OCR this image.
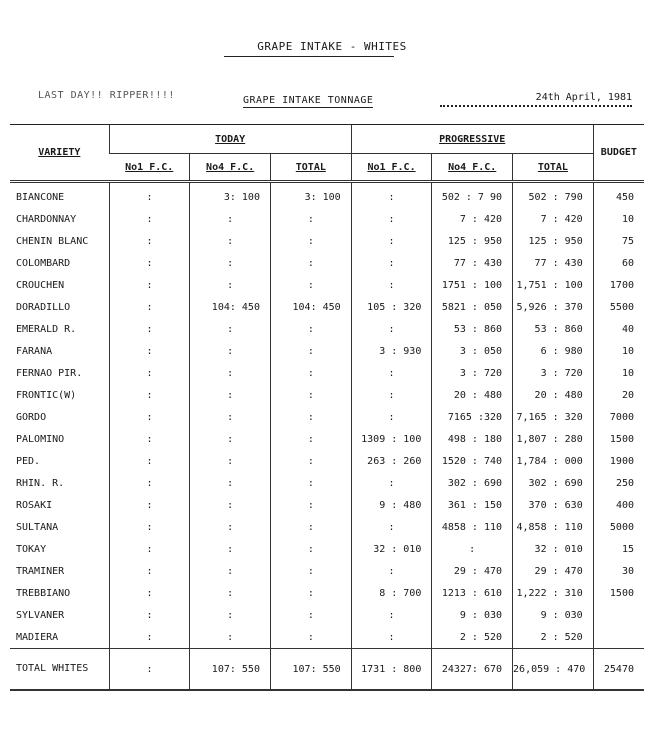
GRAPE INTAKE - WHITES
LAST DAY!! RIPPER!!!!	GRAPE INTAKE TONNAGE	24th April, 1981
VARIETY	TODAY			PROGRESSIVE			BUDGET
	No1 F.C.	No4 F.C.	TOTAL	No1 F.C.	No4 F.C.	TOTAL	
BIANCONE	:	3: 100	3: 100	:	502 : 7 90	502 : 790	450
CHARDONNAY	:	:	:	:	7 : 420	7 : 420	10
CHENIN BLANC	:	:	:	:	125 : 950	125 : 950	75
COLOMBARD	:	:	:	:	77 : 430	77 : 430	60
CROUCHEN	:	:	:	:	1751 : 100	1,751 : 100	1700
DORADILLO	:	104: 450	104: 450	105 : 320	5821 : 050	5,926 : 370	5500
EMERALD R.	:	:	:	:	53 : 860	53 : 860	40
FARANA	:	:	:	3 : 930	3 : 050	6 : 980	10
FERNAO PIR.	:	:	:	:	3 : 720	3 : 720	10
FRONTIC(W)	:	:	:	:	20 : 480	20 : 480	20
GORDO	:	:	:	:	7165 :320	7,165 : 320	7000
PALOMINO	:	:	:	1309 : 100	498 : 180	1,807 : 280	1500
PED.	:	:	:	263 : 260	1520 : 740	1,784 : 000	1900
RHIN. R.	:	:	:	:	302 : 690	302 : 690	250
ROSAKI	:	:	:	9 : 480	361 : 150	370 : 630	400
SULTANA	:	:	:	:	4858 : 110	4,858 : 110	5000
TOKAY	:	:	:	32 : 010	:	32 : 010	15
TRAMINER	:	:	:	:	29 : 470	29 : 470	30
TREBBIANO	:	:	:	8 : 700	1213 : 610	1,222 : 310	1500
SYLVANER	:	:	:	:	9 : 030	9 : 030	
MADIERA	:	:	:	:	2 : 520	2 : 520	
TOTAL WHITES	:	107: 550	107: 550	1731 : 800	24327: 670	26,059 : 470	25470
